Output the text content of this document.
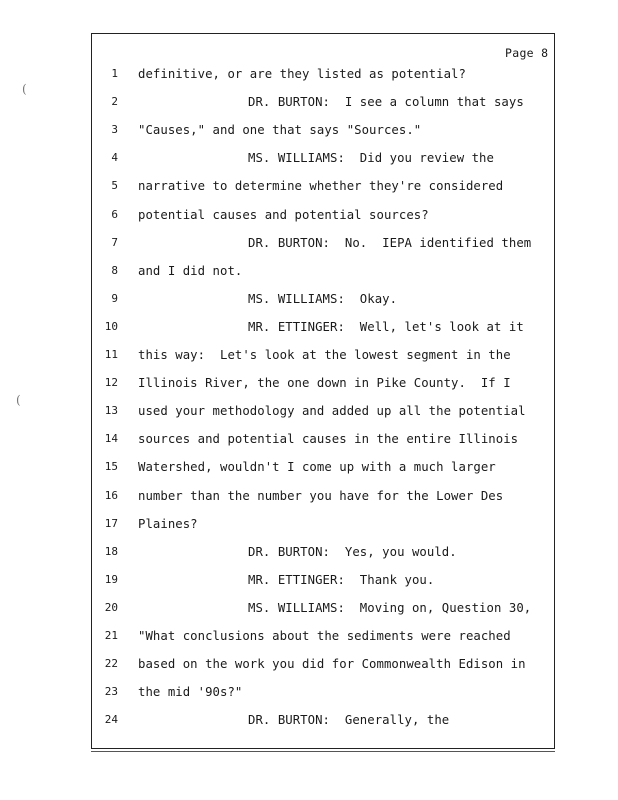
Page 8
(
(
1 definitive, or are they listed as potential?
2	DR. BURTON:  I see a column that says
3 "Causes," and one that says "Sources."
4	MS. WILLIAMS:  Did you review the
5 narrative to determine whether they're considered
6 potential causes and potential sources?
7	DR. BURTON:  No.  IEPA identified them
8 and I did not.
9	MS. WILLIAMS:  Okay.
10	MR. ETTINGER:  Well, let's look at it
11 this way:  Let's look at the lowest segment in the
12 Illinois River, the one down in Pike County.  If I
13 used your methodology and added up all the potential
14 sources and potential causes in the entire Illinois
15 Watershed, wouldn't I come up with a much larger
16 number than the number you have for the Lower Des
17 Plaines?
18	DR. BURTON:  Yes, you would.
19	MR. ETTINGER:  Thank you.
20	MS. WILLIAMS:  Moving on, Question 30,
21 "What conclusions about the sediments were reached
22 based on the work you did for Commonwealth Edison in
23 the mid '90s?"
24	DR. BURTON:  Generally, the
